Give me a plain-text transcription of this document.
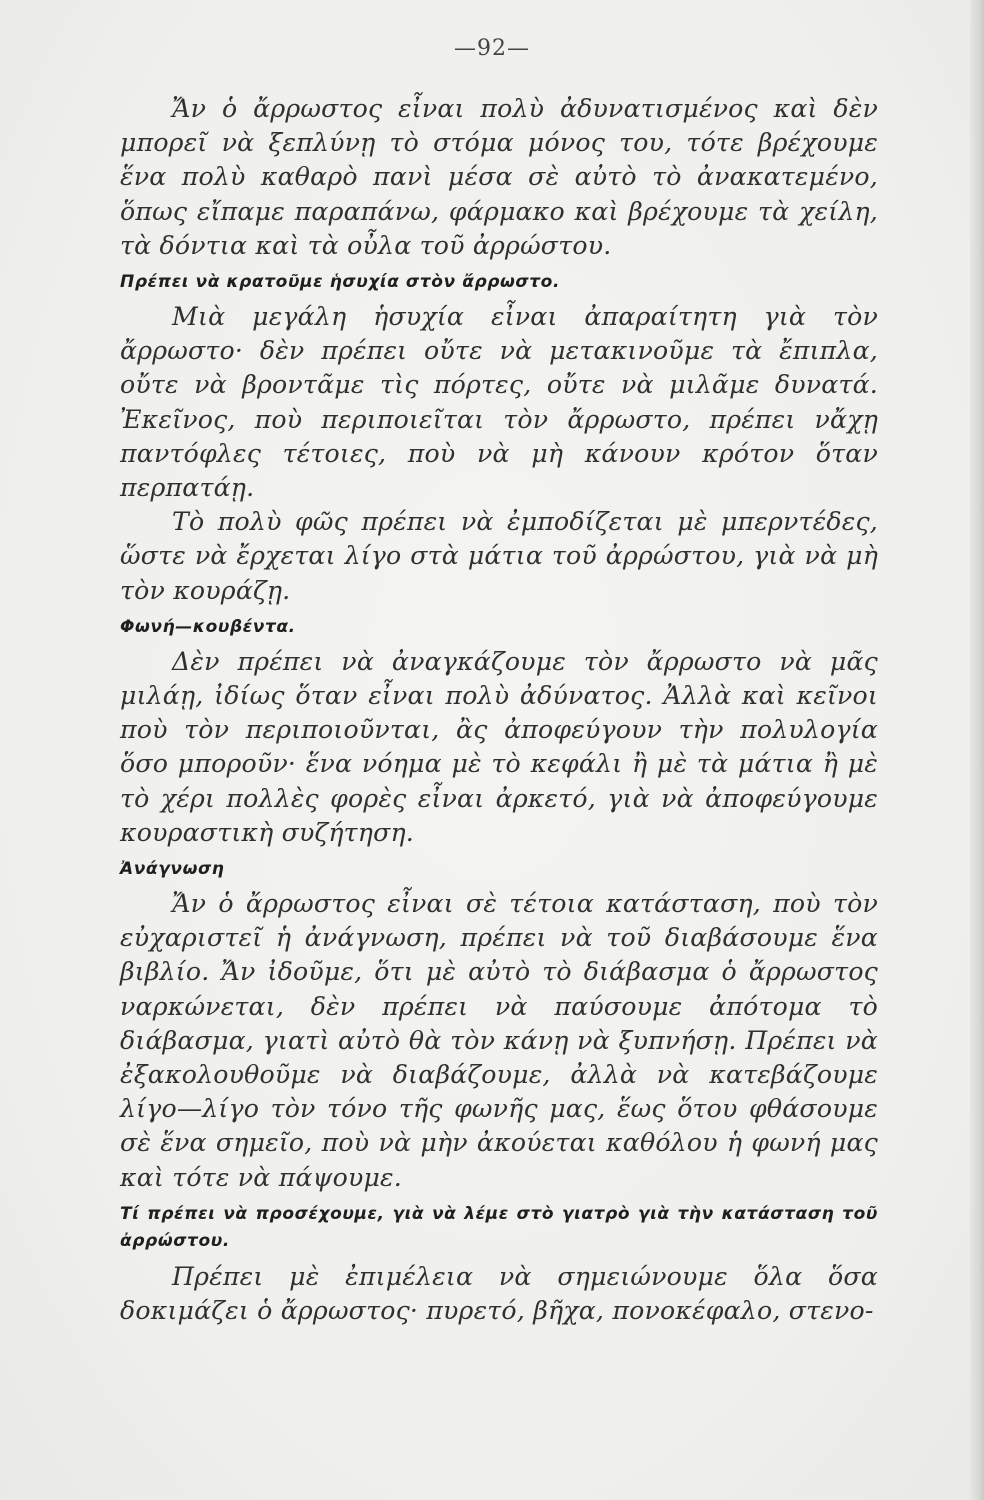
—92—

Ἄν ὁ ἄρρωστος εἶναι πολὺ ἀδυνατισμένος καὶ δὲν μπορεῖ νὰ ξεπλύνῃ τὸ στόμα μόνος του, τότε βρέχουμε ἕνα πολὺ καθαρὸ πανὶ μέσα σὲ αὐτὸ τὸ ἀνακατεμένο, ὅπως εἴπαμε παραπάνω, φάρμακο καὶ βρέχουμε τὰ χείλη, τὰ δόντια καὶ τὰ οὖλα τοῦ ἀρρώστου.

Πρέπει νὰ κρατοῦμε ἡσυχία στὸν ἄρρωστο.

Μιὰ μεγάλη ἡσυχία εἶναι ἀπαραίτητη γιὰ τὸν ἄρρωστο· δὲν πρέπει οὔτε νὰ μετακινοῦμε τὰ ἔπιπλα, οὔτε νὰ βροντᾶμε τὶς πόρτες, οὔτε νὰ μιλᾶμε δυνατά. Ἐκεῖνος, ποὺ περιποιεῖται τὸν ἄρρωστο, πρέπει νἄχῃ παντόφλες τέτοιες, ποὺ νὰ μὴ κάνουν κρότον ὅταν περπατάῃ.

Τὸ πολὺ φῶς πρέπει νὰ ἐμποδίζεται μὲ μπερντέδες, ὥστε νὰ ἔρχεται λίγο στὰ μάτια τοῦ ἀρρώστου, γιὰ νὰ μὴ τὸν κουράζῃ.

Φωνή—κουβέντα.

Δὲν πρέπει νὰ ἀναγκάζουμε τὸν ἄρρωστο νὰ μᾶς μιλάῃ, ἰδίως ὅταν εἶναι πολὺ ἀδύνατος. Ἀλλὰ καὶ κεῖνοι ποὺ τὸν περιποιοῦνται, ἂς ἀποφεύγουν τὴν πολυλογία ὅσο μποροῦν· ἕνα νόημα μὲ τὸ κεφάλι ἢ μὲ τὰ μάτια ἢ μὲ τὸ χέρι πολλὲς φορὲς εἶναι ἀρκετό, γιὰ νὰ ἀποφεύγουμε κουραστικὴ συζήτηση.

Ἀνάγνωση

Ἄν ὁ ἄρρωστος εἶναι σὲ τέτοια κατάσταση, ποὺ τὸν εὐχαριστεῖ ἡ ἀνάγνωση, πρέπει νὰ τοῦ διαβάσουμε ἕνα βιβλίο. Ἄν ἰδοῦμε, ὅτι μὲ αὐτὸ τὸ διάβασμα ὁ ἄρρωστος ναρκώνεται, δὲν πρέπει νὰ παύσουμε ἀπότομα τὸ διάβασμα, γιατὶ αὐτὸ θὰ τὸν κάνῃ νὰ ξυπνήσῃ. Πρέπει νὰ ἐξακολουθοῦμε νὰ διαβάζουμε, ἀλλὰ νὰ κατεβάζουμε λίγο—λίγο τὸν τόνο τῆς φωνῆς μας, ἕως ὅτου φθάσουμε σὲ ἕνα σημεῖο, ποὺ νὰ μὴν ἀκούεται καθόλου ἡ φωνή μας καὶ τότε νὰ πάψουμε.

Τί πρέπει νὰ προσέχουμε, γιὰ νὰ λέμε στὸ γιατρὸ γιὰ τὴν κατάσταση τοῦ ἀρρώστου.

Πρέπει μὲ ἐπιμέλεια νὰ σημειώνουμε ὅλα ὅσα δοκιμάζει ὁ ἄρρωστος· πυρετό, βῆχα, πονοκέφαλο, στενο-
